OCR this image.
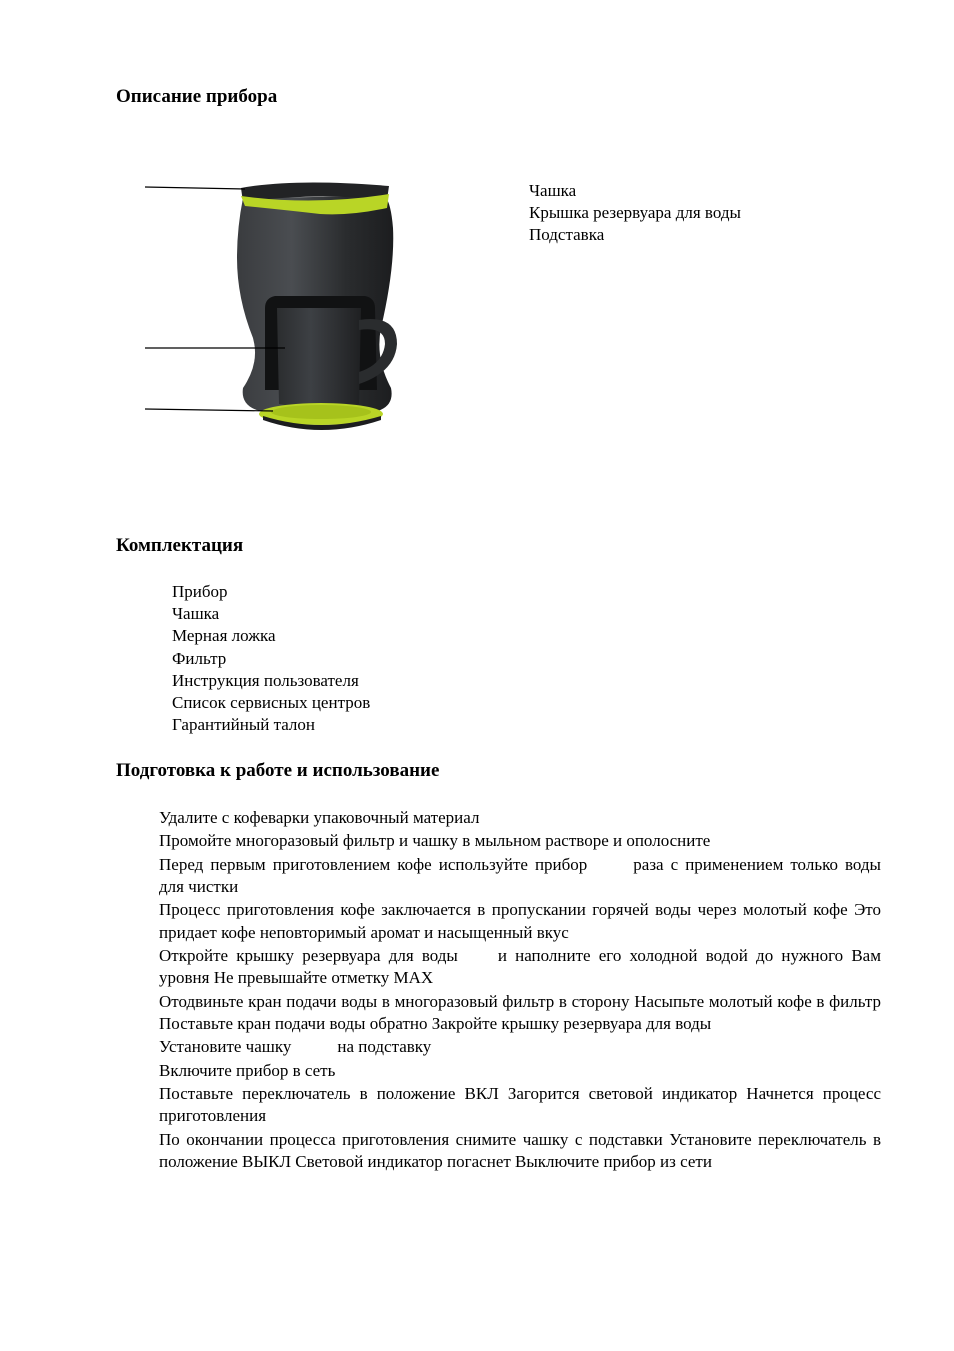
Описание прибора
Чашка
Крышка резервуара для воды
Подставка
Комплектация
Прибор
Чашка
Мерная ложка
Фильтр
Инструкция пользователя
Список сервисных центров
Гарантийный талон
Подготовка к работе и использование
Удалите с кофеварки упаковочный материал
Промойте многоразовый фильтр и чашку в мыльном растворе и ополосните
Перед первым приготовлением кофе используйте прибор	раза с применением только воды для чистки
Процесс приготовления кофе заключается в пропускании горячей воды через молотый кофе Это придает кофе неповторимый аромат и насыщенный вкус
Откройте крышку резервуара для воды и наполните его холодной водой до нужного Вам уровня Не превышайте отметку MAX
Отодвиньте кран подачи воды в многоразовый фильтр в сторону Насыпьте молотый кофе в фильтр Поставьте кран подачи воды обратно Закройте крышку резервуара для воды
Установите чашку	на подставку
Включите прибор в сеть
Поставьте переключатель в положение ВКЛ Загорится световой индикатор Начнется процесс приготовления
По окончании процесса приготовления снимите чашку с подставки Установите переключатель в положение ВЫКЛ Световой индикатор погаснет Выключите прибор из сети
